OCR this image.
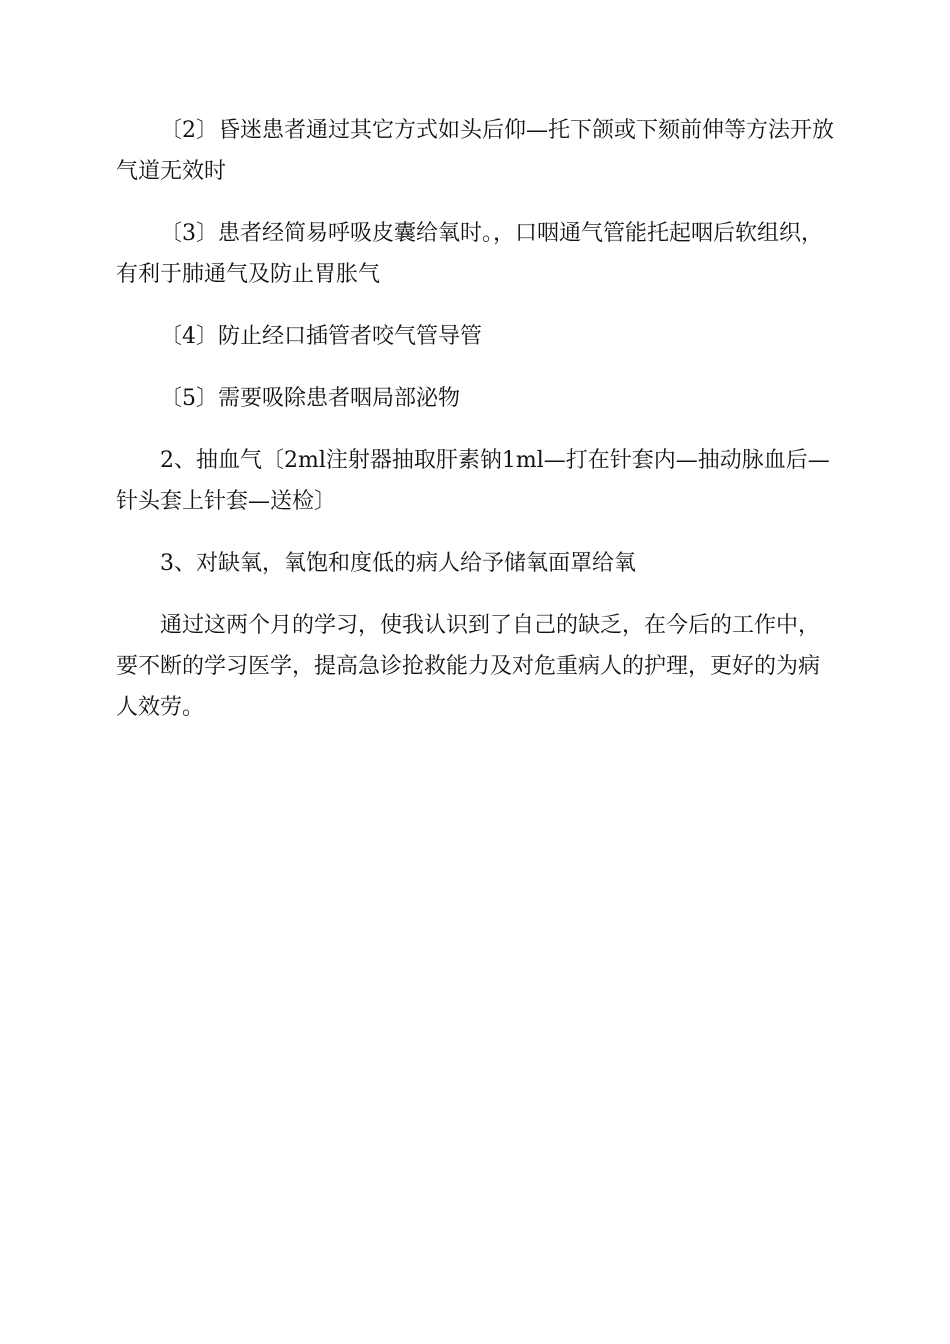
〔2〕昏迷患者通过其它方式如头后仰—托下颌或下颏前伸等方法开放气道无效时

〔3〕患者经简易呼吸皮囊给氧时。，口咽通气管能托起咽后软组织，有利于肺通气及防止胃胀气

〔4〕防止经口插管者咬气管导管

〔5〕需要吸除患者咽局部泌物

2、抽血气〔2ml注射器抽取肝素钠1ml—打在针套内—抽动脉血后—针头套上针套—送检〕

3、对缺氧，氧饱和度低的病人给予储氧面罩给氧

通过这两个月的学习，使我认识到了自己的缺乏，在今后的工作中，要不断的学习医学，提高急诊抢救能力及对危重病人的护理，更好的为病人效劳。
